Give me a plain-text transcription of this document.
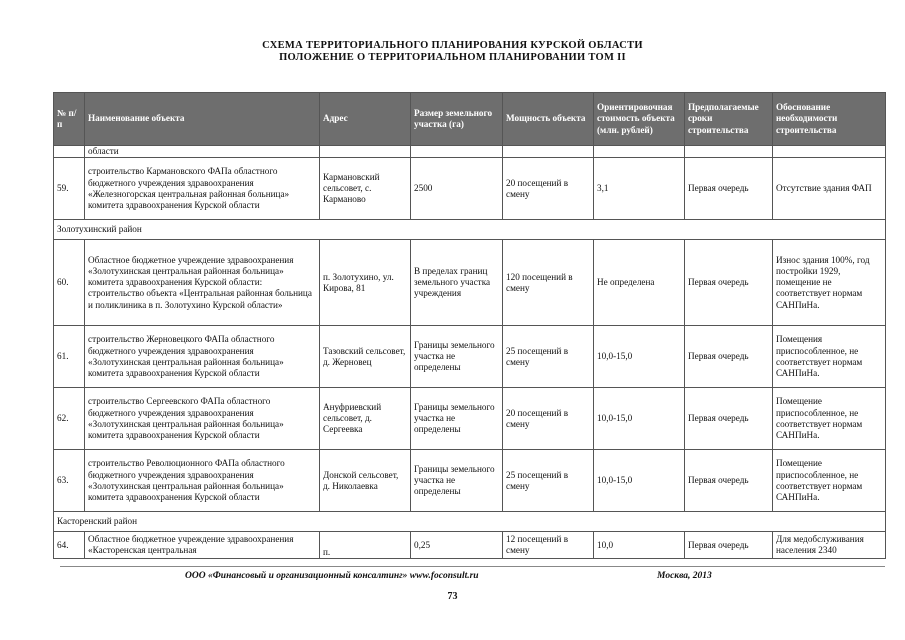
СХЕМА ТЕРРИТОРИАЛЬНОГО ПЛАНИРОВАНИЯ КУРСКОЙ ОБЛАСТИ
ПОЛОЖЕНИЕ О ТЕРРИТОРИАЛЬНОМ ПЛАНИРОВАНИИ ТОМ II
№ п/п	Наименование объекта	Адрес	Размер земельного участка (га)	Мощность объекта	Ориентировочная стоимость объекта (млн. рублей)	Предполагаемые сроки строительства	Обоснование необходимости строительства
	области						
59.	строительство Кармановского ФАПа областного бюджетного учреждения здравоохранения «Железногорская центральная районная больница» комитета здравоохранения Курской области	Кармановский сельсовет, с. Карманово	2500	20 посещений в смену	3,1	Первая очередь	Отсутствие здания ФАП
Золотухинский район							
60.	Областное бюджетное учреждение здравоохранения «Золотухинская центральная районная больница» комитета здравоохранения Курской области: строительство объекта «Центральная районная больница и поликлиника в п. Золотухино Курской области»	п. Золотухино, ул. Кирова, 81	В пределах границ земельного участка учреждения	120 посещений в смену	Не определена	Первая очередь	Износ здания 100%, год постройки 1929, помещение не соответствует нормам САНПиНа.
61.	строительство Жерновецкого ФАПа областного бюджетного учреждения здравоохранения «Золотухинская центральная районная больница» комитета здравоохранения Курской области	Тазовский сельсовет, д. Жерновец	Границы земельного участка не определены	25 посещений в смену	10,0-15,0	Первая очередь	Помещения приспособленное, не соответствует нормам САНПиНа.
62.	строительство Сергеевского ФАПа областного бюджетного учреждения здравоохранения «Золотухинская центральная районная больница» комитета здравоохранения Курской области	Ануфриевский сельсовет, д. Сергеевка	Границы земельного участка не определены	20 посещений в смену	10,0-15,0	Первая очередь	Помещение приспособленное, не соответствует нормам САНПиНа.
63.	строительство Революционного ФАПа областного бюджетного учреждения здравоохранения «Золотухинская центральная районная больница» комитета здравоохранения Курской области	Донской сельсовет, д. Николаевка	Границы земельного участка не определены	25 посещений в смену	10,0-15,0	Первая очередь	Помещение приспособленное, не соответствует нормам САНПиНа.
Касторенский район							
64.	Областное бюджетное учреждение здравоохранения «Касторенская центральная	п.	0,25	12 посещений в смену	10,0	Первая очередь	Для медобслуживания населения 2340
ООО «Финансовый и организационный консалтинг» www.foconsult.ru	Москва, 2013
73
